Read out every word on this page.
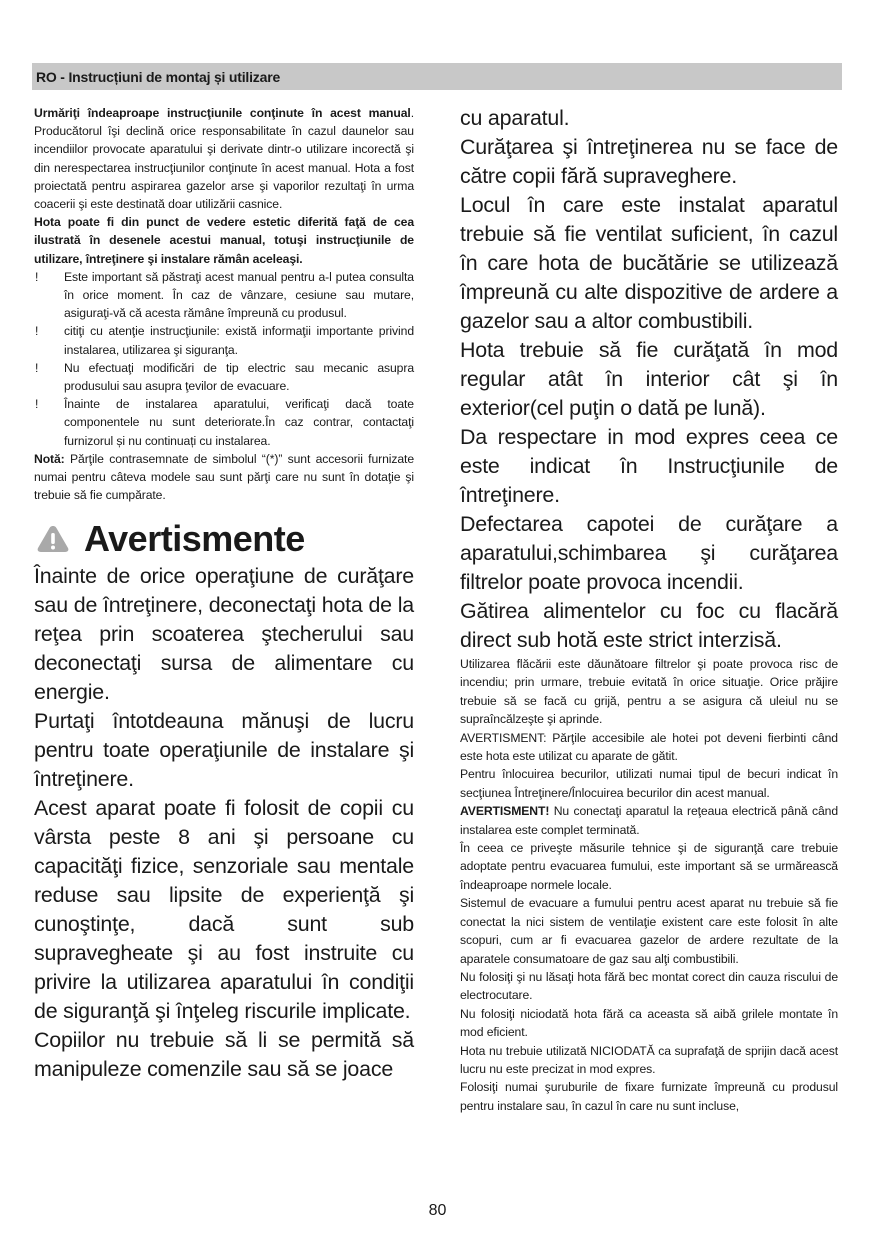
RO - Instrucțiuni de montaj și utilizare

Urmăriţi îndeaproape instrucţiunile conţinute în acest manual. Producătorul îşi declină orice responsabilitate în cazul daunelor sau incendiilor provocate aparatului şi derivate dintr-o utilizare incorectă şi din nerespectarea instrucţiunilor conţinute în acest manual. Hota a fost proiectată pentru aspirarea gazelor arse şi vaporilor rezultaţi în urma coacerii şi este destinată doar utilizării casnice.

Hota poate fi din punct de vedere estetic diferită faţă de cea ilustrată în desenele acestui manual, totuşi instrucţiunile de utilizare, întreţinere şi instalare rămân aceleaşi.

! Este important să păstraţi acest manual pentru a-l putea consulta în orice moment. În caz de vânzare, cesiune sau mutare, asiguraţi-vă că acesta rămâne împreună cu produsul.
! citiţi cu atenţie instrucţiunile: există informaţii importante privind instalarea, utilizarea şi siguranţa.
! Nu efectuaţi modificări de tip electric sau mecanic asupra produsului sau asupra ţevilor de evacuare.
! Înainte de instalarea aparatului, verificaţi dacă toate componentele nu sunt deteriorate.În caz contrar, contactaţi furnizorul și nu continuați cu instalarea.

Notă: Părţile contrasemnate de simbolul “(*)” sunt accesorii furnizate numai pentru câteva modele sau sunt părţi care nu sunt în dotaţie şi trebuie să fie cumpărate.

Avertismente

Înainte de orice operaţiune de curăţare sau de întreţinere, deconectaţi hota de la reţea prin scoaterea ştecherului sau deconectaţi sursa de alimentare cu energie.

Purtaţi întotdeauna mănuşi de lucru pentru toate operaţiunile de instalare şi întreţinere.

Acest aparat poate fi folosit de copii cu vârsta peste 8 ani şi persoane cu capacităţi fizice, senzoriale sau mentale reduse sau lipsite de experienţă şi cunoştinţe, dacă sunt sub supravegheate şi au fost instruite cu privire la utilizarea aparatului în condiţii de siguranţă şi înţeleg riscurile implicate.

Copiilor nu trebuie să li se permită să manipuleze comenzile sau să se joace

cu aparatul.

Curăţarea şi întreţinerea nu se face de către copii fără supraveghere.

Locul în care este instalat aparatul trebuie să fie ventilat suficient, în cazul în care hota de bucătărie se utilizează împreună cu alte dispozitive de ardere a gazelor sau a altor combustibili.

Hota trebuie să fie curăţată în mod regular atât în interior cât şi în exterior(cel puţin o dată pe lună).

Da respectare in mod expres ceea ce este indicat în Instrucţiunile de întreţinere.

Defectarea capotei de curăţare a aparatului,schimbarea şi curăţarea filtrelor poate provoca incendii.

Gătirea alimentelor cu foc cu flacără direct sub hotă este strict interzisă.

Utilizarea flăcării este dăunătoare filtrelor şi poate provoca risc de incendiu; prin urmare, trebuie evitată în orice situaţie. Orice prăjire trebuie să se facă cu grijă, pentru a se asigura că uleiul nu se supraîncălzeşte şi aprinde.

AVERTISMENT: Părţile accesibile ale hotei pot deveni fierbinti când este hota este utilizat cu aparate de gătit.

Pentru înlocuirea becurilor, utilizati numai tipul de becuri indicat în secţiunea Întreţinere/Înlocuirea becurilor din acest manual.

AVERTISMENT! Nu conectaţi aparatul la reţeaua electrică până când instalarea este complet terminată.

În ceea ce priveşte măsurile tehnice şi de siguranţă care trebuie adoptate pentru evacuarea fumului, este important să se urmărească îndeaproape normele locale.

Sistemul de evacuare a fumului pentru acest aparat nu trebuie să fie conectat la nici sistem de ventilaţie existent care este folosit în alte scopuri, cum ar fi evacuarea gazelor de ardere rezultate de la aparatele consumatoare de gaz sau alţi combustibili.

Nu folosiţi şi nu lăsaţi hota fără bec montat corect din cauza riscului de electrocutare.

Nu folosiţi niciodată hota fără ca aceasta să aibă grilele montate în mod eficient.

Hota nu trebuie utilizată NICIODATĂ ca suprafaţă de sprijin dacă acest lucru nu este precizat in mod expres.

Folosiţi numai şuruburile de fixare furnizate împreună cu produsul pentru instalare sau, în cazul în care nu sunt incluse,

80
